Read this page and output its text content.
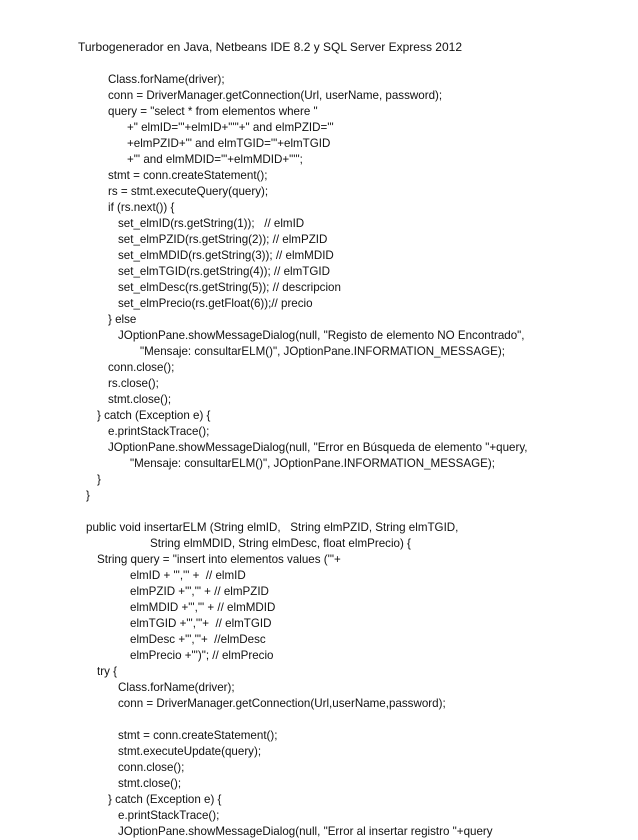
Turbogenerador en Java, Netbeans IDE 8.2 y SQL Server Express 2012
Class.forName(driver);
conn = DriverManager.getConnection(Url, userName, password);
query = "select * from elementos where "
+" elmID='"+elmID+"'"+" and elmPZID='"
+elmPZID+"' and elmTGID='"+elmTGID
+"' and elmMDID='"+elmMDID+"'";
stmt = conn.createStatement();
rs = stmt.executeQuery(query);
if (rs.next()) {
set_elmID(rs.getString(1));   // elmID
set_elmPZID(rs.getString(2)); // elmPZID
set_elmMDID(rs.getString(3)); // elmMDID
set_elmTGID(rs.getString(4)); // elmTGID
set_elmDesc(rs.getString(5)); // descripcion
set_elmPrecio(rs.getFloat(6));// precio
} else
JOptionPane.showMessageDialog(null, "Registo de elemento NO Encontrado",
"Mensaje: consultarELM()", JOptionPane.INFORMATION_MESSAGE);
conn.close();
rs.close();
stmt.close();
} catch (Exception e) {
e.printStackTrace();
JOptionPane.showMessageDialog(null, "Error en Búsqueda de elemento "+query,
"Mensaje: consultarELM()", JOptionPane.INFORMATION_MESSAGE);
}
}
public void insertarELM (String elmID,   String elmPZID, String elmTGID,
String elmMDID, String elmDesc, float elmPrecio) {
String query = "insert into elementos values ('"+
elmID + "','" +  // elmID
elmPZID +"','" + // elmPZID
elmMDID +"','" + // elmMDID
elmTGID +"','"+  // elmTGID
elmDesc +"','"+  //elmDesc
elmPrecio +"')"; // elmPrecio
try {
Class.forName(driver);
conn = DriverManager.getConnection(Url,userName,password);
stmt = conn.createStatement();
stmt.executeUpdate(query);
conn.close();
stmt.close();
} catch (Exception e) {
e.printStackTrace();
JOptionPane.showMessageDialog(null, "Error al insertar registro "+query
